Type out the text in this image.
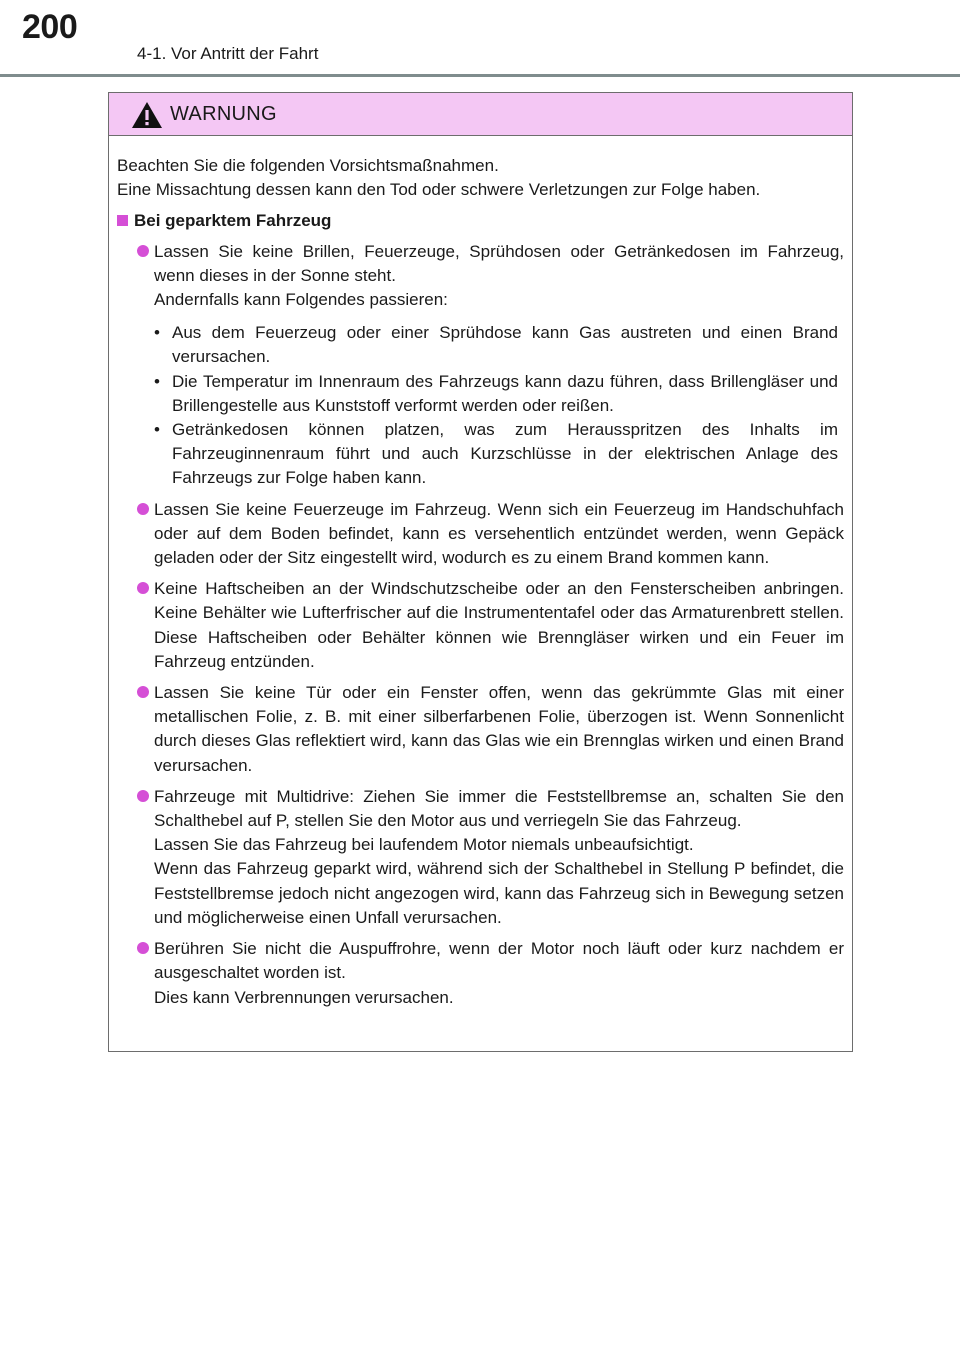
200
4-1. Vor Antritt der Fahrt
WARNUNG

Beachten Sie die folgenden Vorsichtsmaßnahmen.

Eine Missachtung dessen kann den Tod oder schwere Verletzungen zur Folge haben.

Bei geparktem Fahrzeug

Lassen Sie keine Brillen, Feuerzeuge, Sprühdosen oder Getränkedosen im Fahrzeug, wenn dieses in der Sonne steht.

Andernfalls kann Folgendes passieren:

• Aus dem Feuerzeug oder einer Sprühdose kann Gas austreten und einen Brand verursachen.
• Die Temperatur im Innenraum des Fahrzeugs kann dazu führen, dass Brillengläser und Brillengestelle aus Kunststoff verformt werden oder reißen.
• Getränkedosen können platzen, was zum Herausspritzen des Inhalts im Fahrzeuginnenraum führt und auch Kurzschlüsse in der elektrischen Anlage des Fahrzeugs zur Folge haben kann.

Lassen Sie keine Feuerzeuge im Fahrzeug. Wenn sich ein Feuerzeug im Handschuhfach oder auf dem Boden befindet, kann es versehentlich entzündet werden, wenn Gepäck geladen oder der Sitz eingestellt wird, wodurch es zu einem Brand kommen kann.

Keine Haftscheiben an der Windschutzscheibe oder an den Fensterscheiben anbringen. Keine Behälter wie Lufterfrischer auf die Instrumententafel oder das Armaturenbrett stellen. Diese Haftscheiben oder Behälter können wie Brenngläser wirken und ein Feuer im Fahrzeug entzünden.

Lassen Sie keine Tür oder ein Fenster offen, wenn das gekrümmte Glas mit einer metallischen Folie, z. B. mit einer silberfarbenen Folie, überzogen ist. Wenn Sonnenlicht durch dieses Glas reflektiert wird, kann das Glas wie ein Brennglas wirken und einen Brand verursachen.

Fahrzeuge mit Multidrive: Ziehen Sie immer die Feststellbremse an, schalten Sie den Schalthebel auf P, stellen Sie den Motor aus und verriegeln Sie das Fahrzeug.

Lassen Sie das Fahrzeug bei laufendem Motor niemals unbeaufsichtigt.

Wenn das Fahrzeug geparkt wird, während sich der Schalthebel in Stellung P befindet, die Feststellbremse jedoch nicht angezogen wird, kann das Fahrzeug sich in Bewegung setzen und möglicherweise einen Unfall verursachen.

Berühren Sie nicht die Auspuffrohre, wenn der Motor noch läuft oder kurz nachdem er ausgeschaltet worden ist.

Dies kann Verbrennungen verursachen.
